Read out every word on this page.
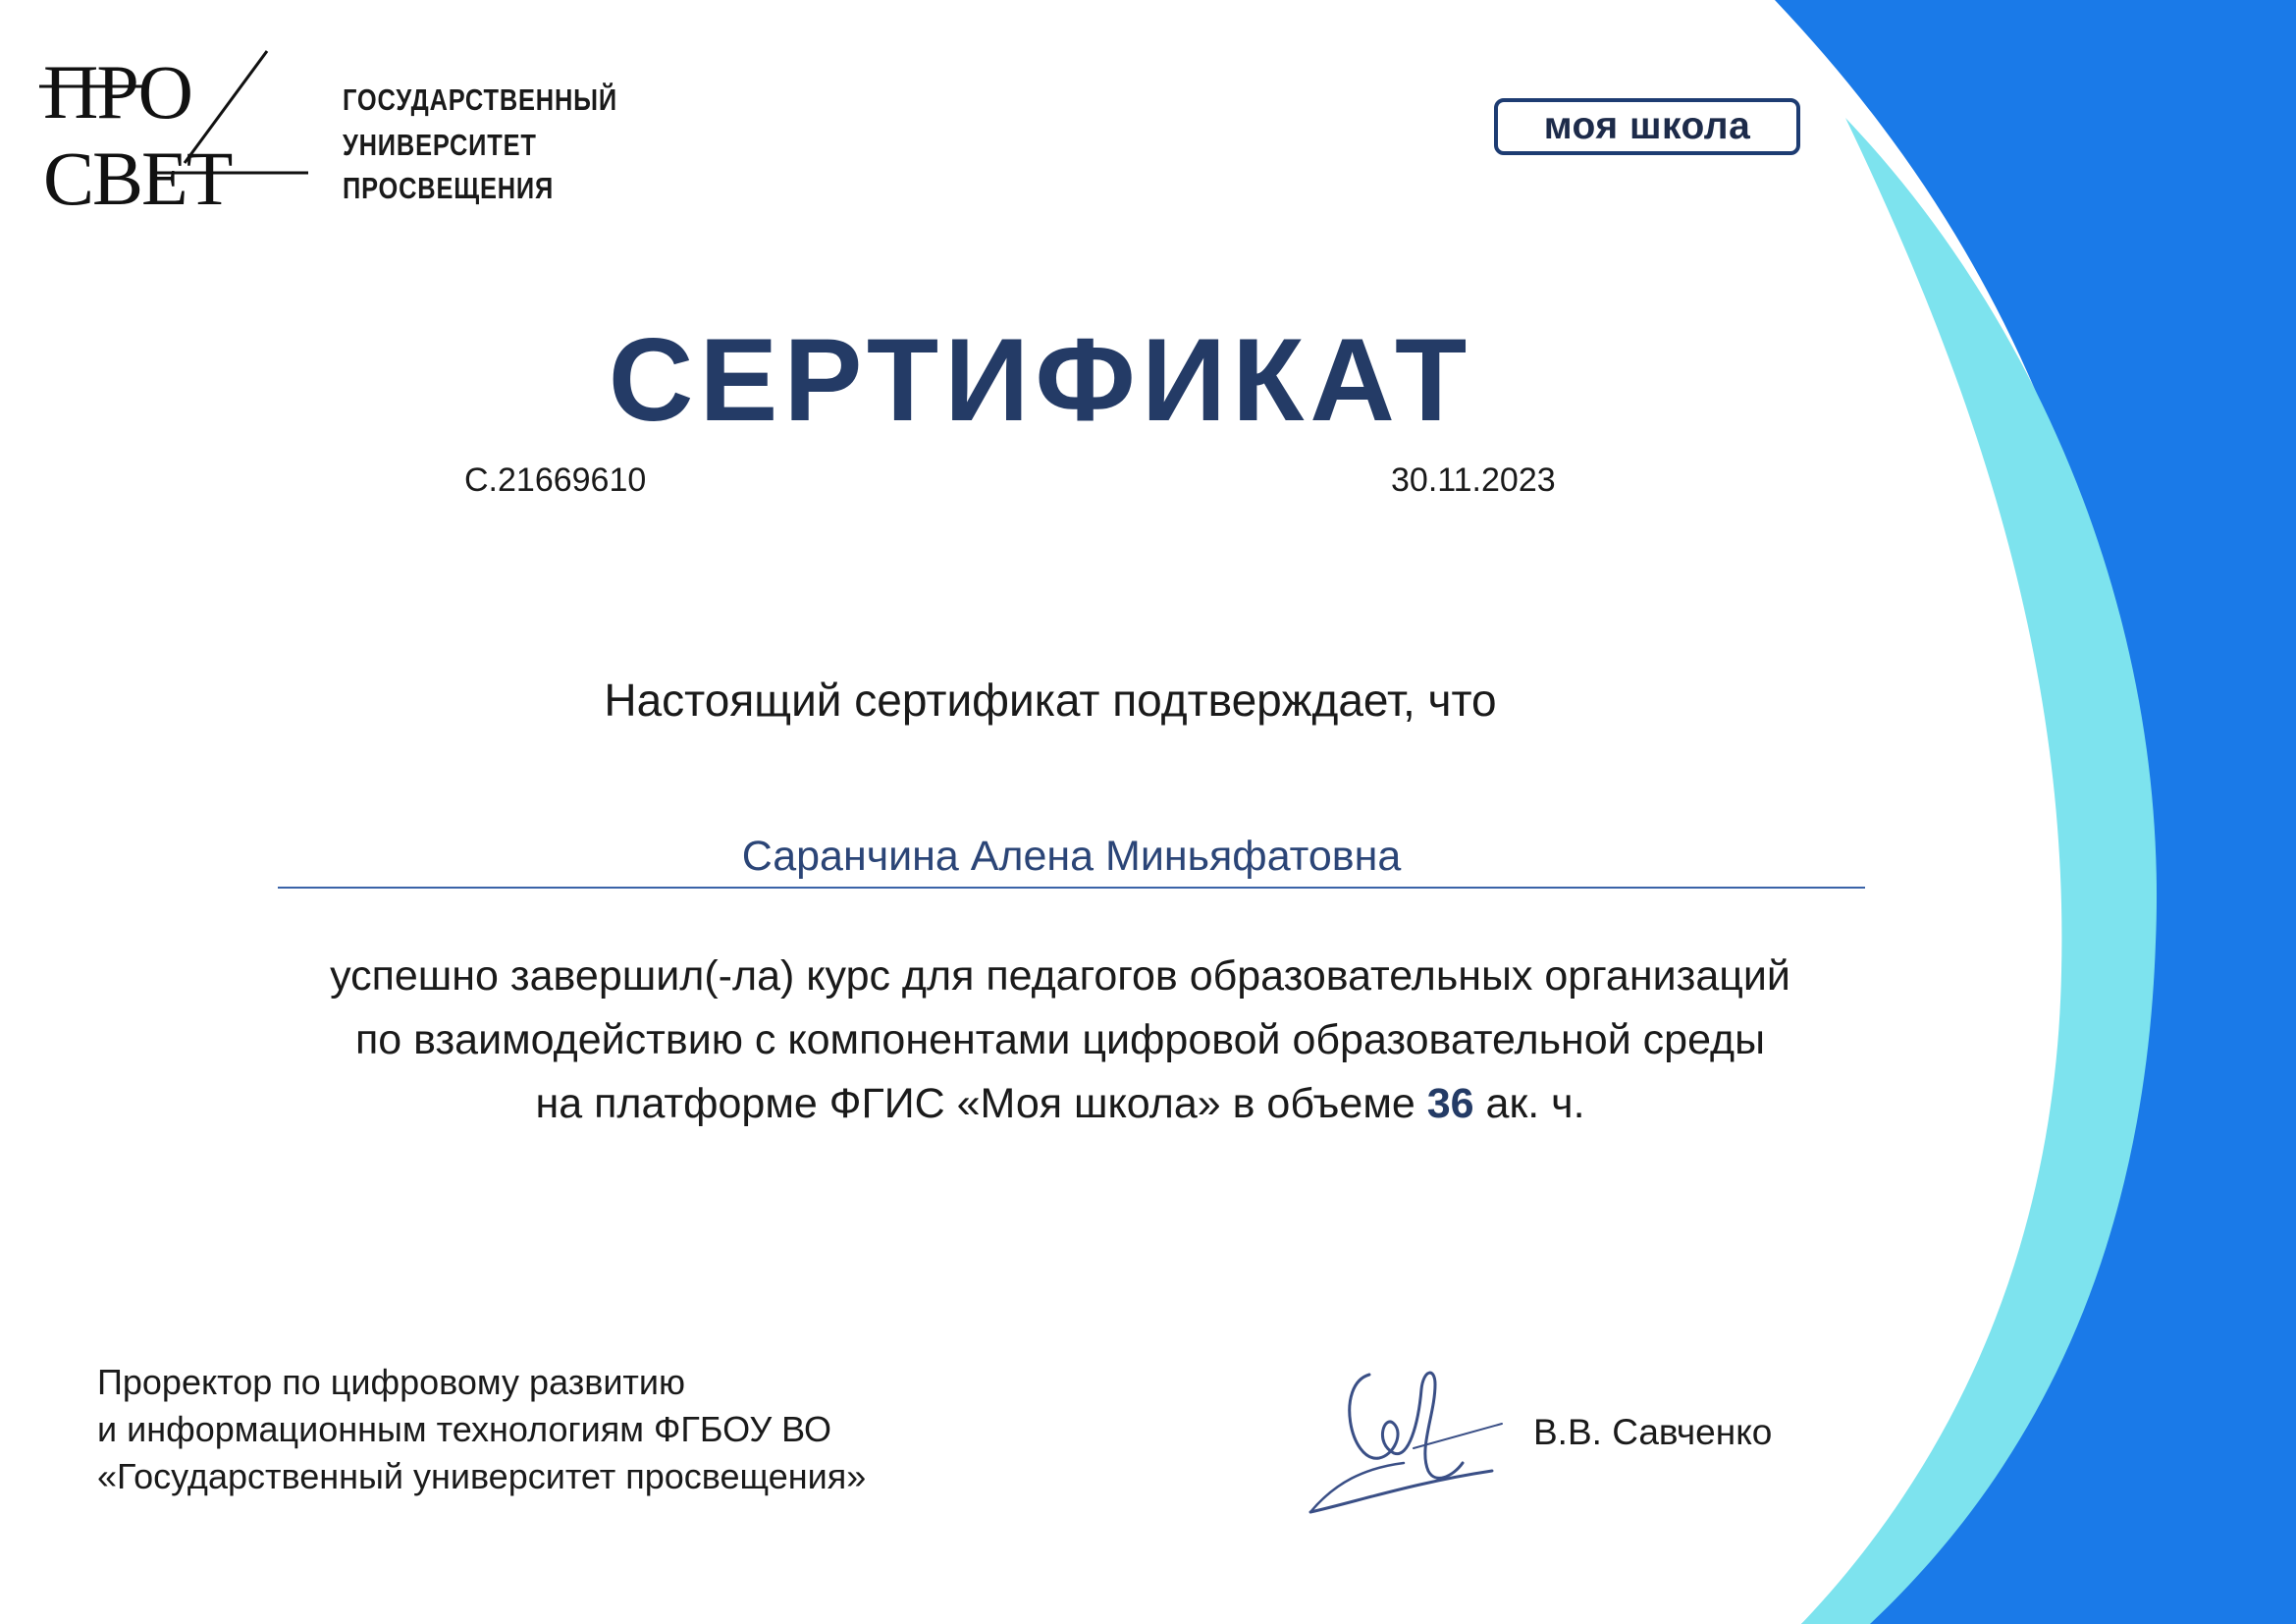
ПРО
СВЕТ
ГОСУДАРСТВЕННЫЙ
УНИВЕРСИТЕТ
ПРОСВЕЩЕНИЯ
моя школа
СЕРТИФИКАТ
С.21669610	30.11.2023
Настоящий сертификат подтверждает, что
Саранчина Алена Миньяфатовна
успешно завершил(-ла) курс для педагогов образовательных организаций
по взаимодействию с компонентами цифровой образовательной среды
на платформе ФГИС «Моя школа» в объеме 36 ак. ч.
Проректор по цифровому развитию
и информационным технологиям ФГБОУ ВО
«Государственный университет просвещения»
В.В. Савченко
